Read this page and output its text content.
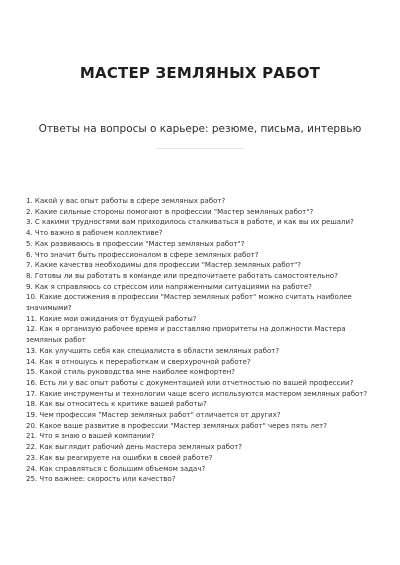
МАСТЕР ЗЕМЛЯНЫХ РАБОТ
Ответы на вопросы о карьере: резюме, письма, интервью
1. Какой у вас опыт работы в сфере земляных работ?
2. Какие сильные стороны помогают в профессии "Мастер земляных работ"?
3. С какими трудностями вам приходилось сталкиваться в работе, и как вы их решали?
4. Что важно в рабочем коллективе?
5. Как развиваюсь в профессии "Мастер земляных работ"?
6. Что значит быть профессионалом в сфере земляных работ?
7. Какие качества необходимы для профессии "Мастер земляных работ"?
8. Готовы ли вы работать в команде или предпочитаете работать самостоятельно?
9. Как я справляюсь со стрессом или напряженными ситуациями на работе?
10. Какие достижения в профессии "Мастер земляных работ" можно считать наиболее значимыми?
11. Какие мои ожидания от будущей работы?
12. Как я организую рабочее время и расставляю приоритеты на должности Мастера земляных работ
13. Как улучшить себя как специалиста в области земляных работ?
14. Как я отношусь к переработкам и сверхурочной работе?
15. Какой стиль руководства мне наиболее комфортен?
16. Есть ли у вас опыт работы с документацией или отчетностью по вашей профессии?
17. Какие инструменты и технологии чаще всего используются мастером земляных работ?
18. Как вы относитесь к критике вашей работы?
19. Чем профессия "Мастер земляных работ" отличается от других?
20. Какое ваше развитие в профессии "Мастер земляных работ" через пять лет?
21. Что я знаю о вашей компании?
22. Как выглядит рабочий день мастера земляных работ?
23. Как вы реагируете на ошибки в своей работе?
24. Как справляться с большим объемом задач?
25. Что важнее: скорость или качество?
